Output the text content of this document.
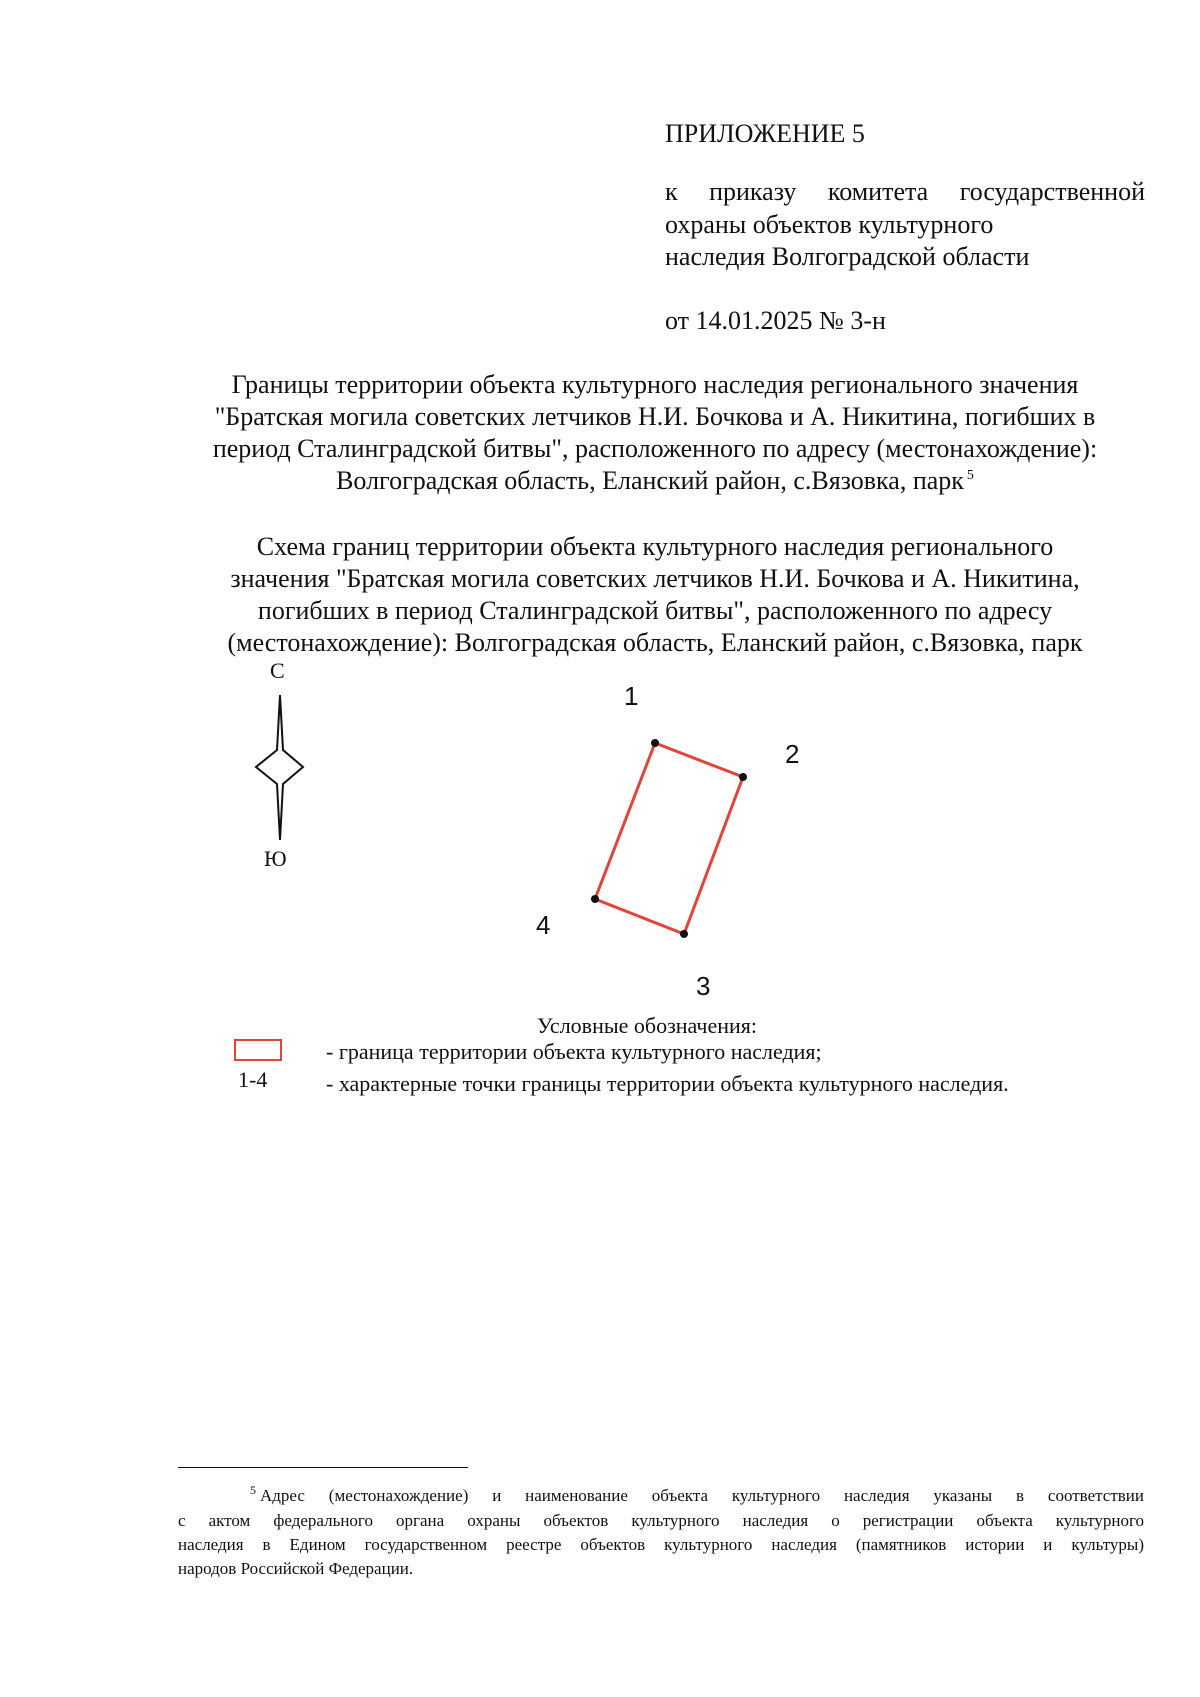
ПРИЛОЖЕНИЕ 5
к приказу комитета государственной
охраны объектов культурного
наследия Волгоградской области
от 14.01.2025 № 3-н
Границы территории объекта культурного наследия регионального значения
"Братская могила советских летчиков Н.И. Бочкова и А. Никитина, погибших в
период Сталинградской битвы", расположенного по адресу (местонахождение):
Волгоградская область, Еланский район, с.Вязовка, парк $^5$
Схема границ территории объекта культурного наследия регионального
значения "Братская могила советских летчиков Н.И. Бочкова и А. Никитина,
погибших в период Сталинградской битвы", расположенного по адресу
(местонахождение): Волгоградская область, Еланский район, с.Вязовка, парк
С
Ю
1
2
3
4
Условные обозначения:
- граница территории объекта культурного наследия;
1-4	- характерные точки границы территории объекта культурного наследия.
$^5$ Адрес (местонахождение) и наименование объекта культурного наследия указаны в соответствии
с актом федерального органа охраны объектов культурного наследия о регистрации объекта культурного
наследия в Едином государственном реестре объектов культурного наследия (памятников истории и культуры)
народов Российской Федерации.
